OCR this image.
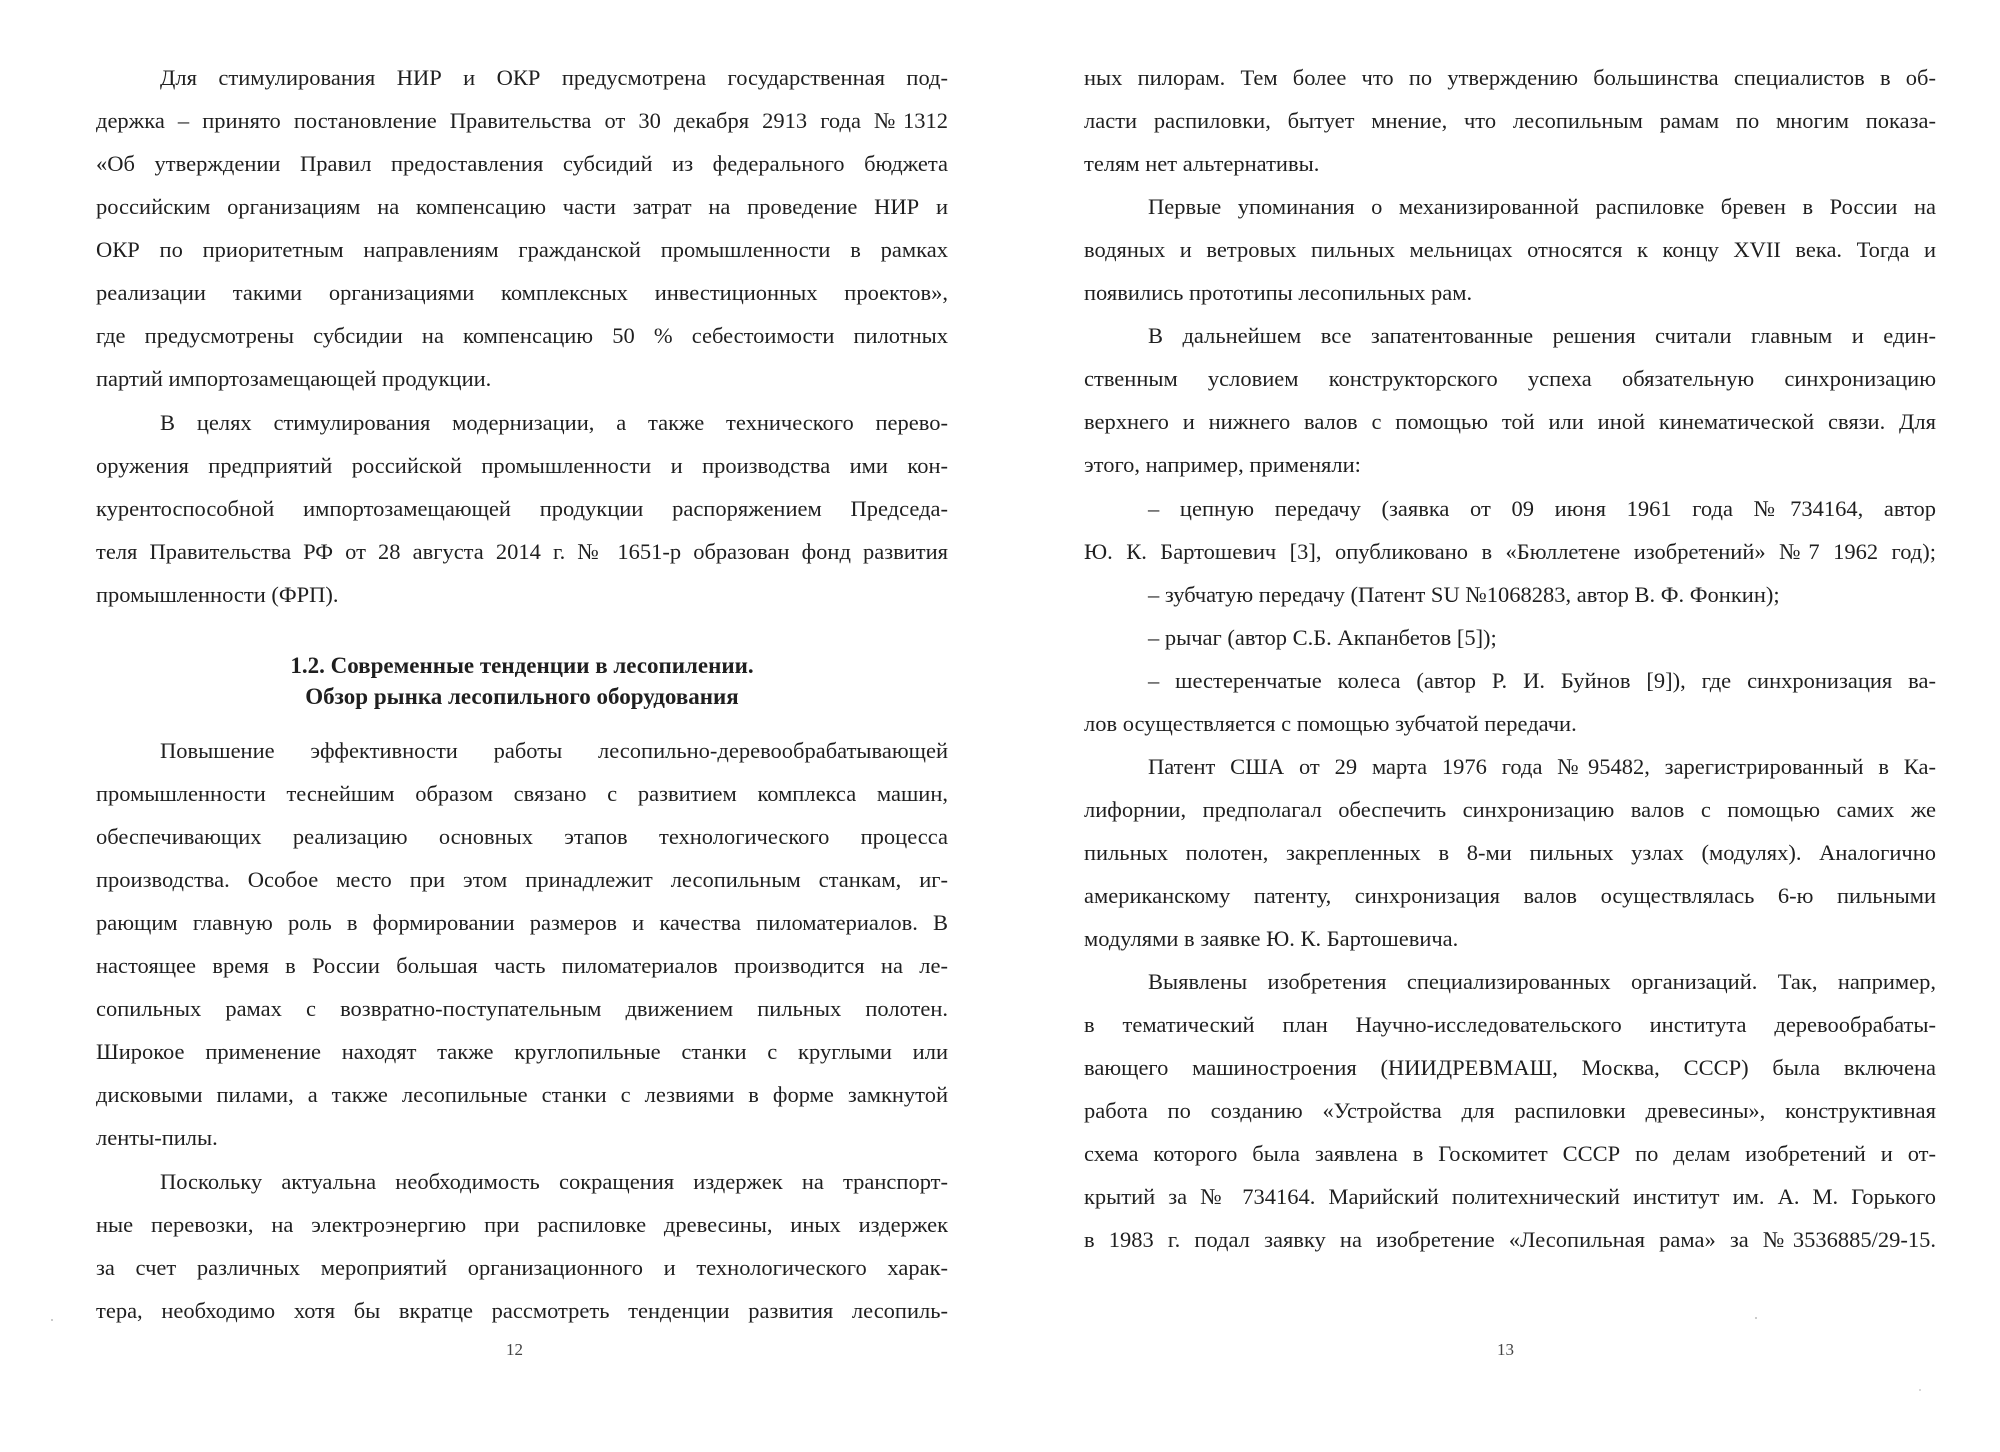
Для стимулирования НИР и ОКР предусмотрена государственная под-
держка – принято постановление Правительства от 30 декабря 2913 года №1312
«Об утверждении Правил предоставления субсидий из федерального бюджета
российским организациям на компенсацию части затрат на проведение НИР и
ОКР по приоритетным направлениям гражданской промышленности в рамках
реализации такими организациями комплексных инвестиционных проектов»,
где предусмотрены субсидии на компенсацию 50 % себестоимости пилотных
партий импортозамещающей продукции.
В целях стимулирования модернизации, а также технического перево-
оружения предприятий российской промышленности и производства ими кон-
курентоспособной импортозамещающей продукции распоряжением Председа-
теля Правительства РФ от 28 августа 2014 г. № 1651-р образован фонд развития
промышленности (ФРП).
1.2. Современные тенденции в лесопилении.
Обзор рынка лесопильного оборудования
Повышение эффективности работы лесопильно-деревообрабатывающей
промышленности теснейшим образом связано с развитием комплекса машин,
обеспечивающих реализацию основных этапов технологического процесса
производства. Особое место при этом принадлежит лесопильным станкам, иг-
рающим главную роль в формировании размеров и качества пиломатериалов. В
настоящее время в России большая часть пиломатериалов производится на ле-
сопильных рамах с возвратно-поступательным движением пильных полотен.
Широкое применение находят также круглопильные станки с круглыми или
дисковыми пилами, а также лесопильные станки с лезвиями в форме замкнутой
ленты-пилы.
Поскольку актуальна необходимость сокращения издержек на транспорт-
ные перевозки, на электроэнергию при распиловке древесины, иных издержек
за счет различных мероприятий организационного и технологического харак-
тера, необходимо хотя бы вкратце рассмотреть тенденции развития лесопиль-
12
ных пилорам. Тем более что по утверждению большинства специалистов в об-
ласти распиловки, бытует мнение, что лесопильным рамам по многим показа-
телям нет альтернативы.
Первые упоминания о механизированной распиловке бревен в России на
водяных и ветровых пильных мельницах относятся к концу XVII века. Тогда и
появились прототипы лесопильных рам.
В дальнейшем все запатентованные решения считали главным и един-
ственным условием конструкторского успеха обязательную синхронизацию
верхнего и нижнего валов с помощью той или иной кинематической связи. Для
этого, например, применяли:
– цепную передачу (заявка от 09 июня 1961 года №734164, автор
Ю. К. Бартошевич [3], опубликовано в «Бюллетене изобретений» №7 1962 год);
– зубчатую передачу (Патент SU №1068283, автор В. Ф. Фонкин);
– рычаг (автор С.Б. Акпанбетов [5]);
– шестеренчатые колеса (автор Р. И. Буйнов [9]), где синхронизация ва-
лов осуществляется с помощью зубчатой передачи.
Патент США от 29 марта 1976 года №95482, зарегистрированный в Ка-
лифорнии, предполагал обеспечить синхронизацию валов с помощью самих же
пильных полотен, закрепленных в 8-ми пильных узлах (модулях). Аналогично
американскому патенту, синхронизация валов осуществлялась 6-ю пильными
модулями в заявке Ю. К. Бартошевича.
Выявлены изобретения специализированных организаций. Так, например,
в тематический план Научно-исследовательского института деревообрабаты-
вающего машиностроения (НИИДРЕВМАШ, Москва, СССР) была включена
работа по созданию «Устройства для распиловки древесины», конструктивная
схема которого была заявлена в Госкомитет СССР по делам изобретений и от-
крытий за № 734164. Марийский политехнический институт им. А. М. Горького
в 1983 г. подал заявку на изобретение «Лесопильная рама» за №3536885/29-15.
13
